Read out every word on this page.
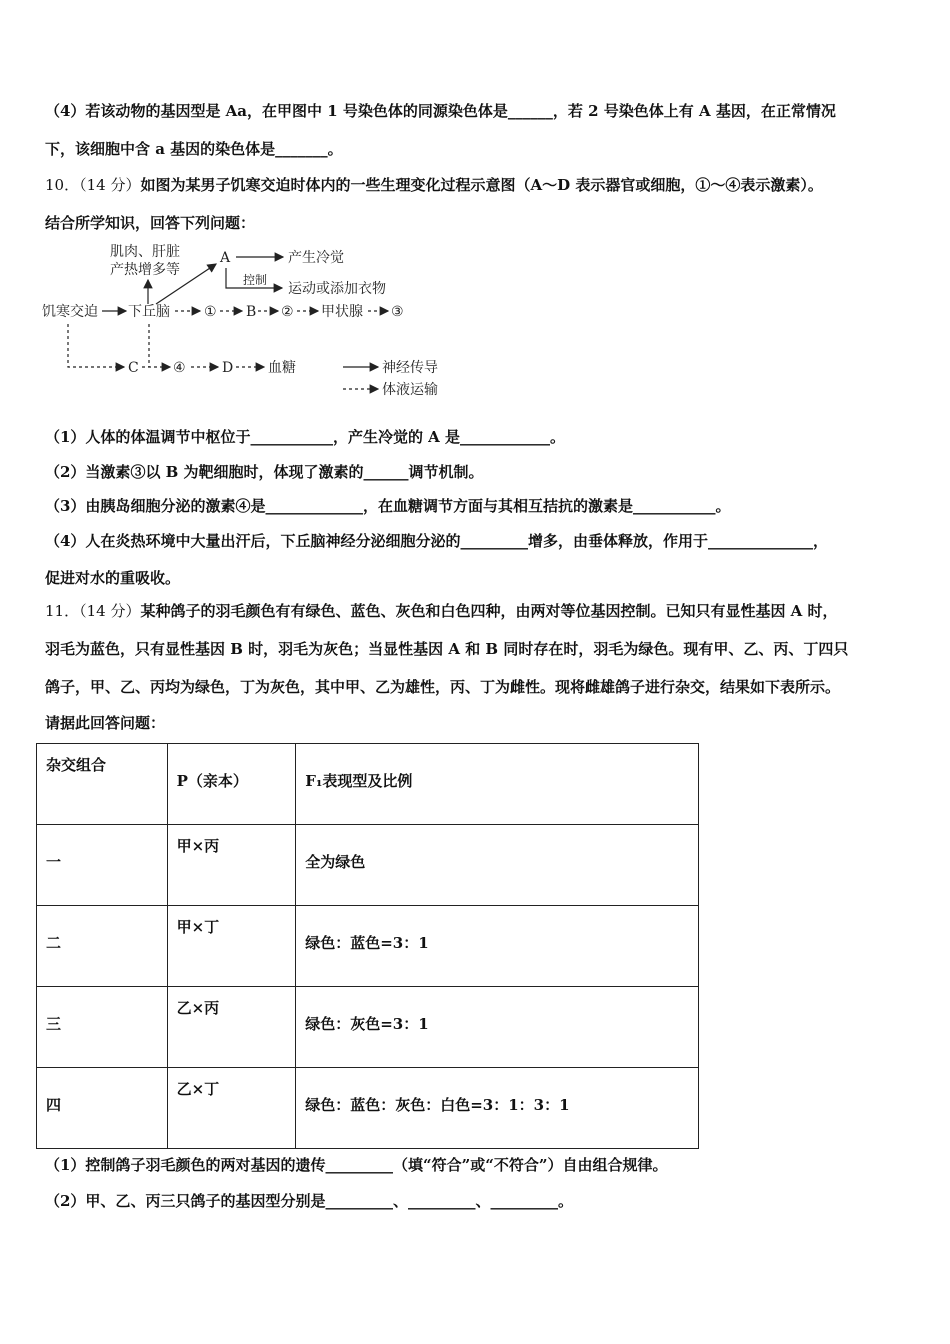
（4）若该动物的基因型是 Aa，在甲图中 1 号染色体的同源染色体是______，若 2 号染色体上有 A 基因，在正常情况
下，该细胞中含 a 基因的染色体是_______。
10．（14 分）如图为某男子饥寒交迫时体内的一些生理变化过程示意图（A～D 表示器官或细胞，①～④表示激素）。
结合所学知识，回答下列问题：
肌肉、肝脏
产热增多等
A	产生冷觉
控制
运动或添加衣物
饥寒交迫 下丘脑 ① B ② 甲状腺 ③
C ④	D 血糖	神经传导
体液运输
（1）人体的体温调节中枢位于___________，产生冷觉的 A 是____________。
（2）当激素③以 B 为靶细胞时，体现了激素的______调节机制。
（3）由胰岛细胞分泌的激素④是_____________，在血糖调节方面与其相互拮抗的激素是___________。
（4）人在炎热环境中大量出汗后，下丘脑神经分泌细胞分泌的_________增多，由垂体释放，作用于______________，
促进对水的重吸收。
11．（14 分）某种鸽子的羽毛颜色有有绿色、蓝色、灰色和白色四种，由两对等位基因控制。已知只有显性基因 A 时，
羽毛为蓝色，只有显性基因 B 时，羽毛为灰色；当显性基因 A 和 B 同时存在时，羽毛为绿色。现有甲、乙、丙、丁四只
鸽子，甲、乙、丙均为绿色，丁为灰色，其中甲、乙为雄性，丙、丁为雌性。现将雌雄鸽子进行杂交，结果如下表所示。
请据此回答问题：
杂交组合	P（亲本）	F₁表现型及比例

一	甲×丙	全为绿色

二	甲×丁	绿色：蓝色=3：1

三	乙×丙	绿色：灰色=3：1

四	乙×丁	绿色：蓝色：灰色：白色=3：1：3：1
（1）控制鸽子羽毛颜色的两对基因的遗传_________（填“符合”或“不符合”）自由组合规律。
（2）甲、乙、丙三只鸽子的基因型分别是_________、_________、_________。
